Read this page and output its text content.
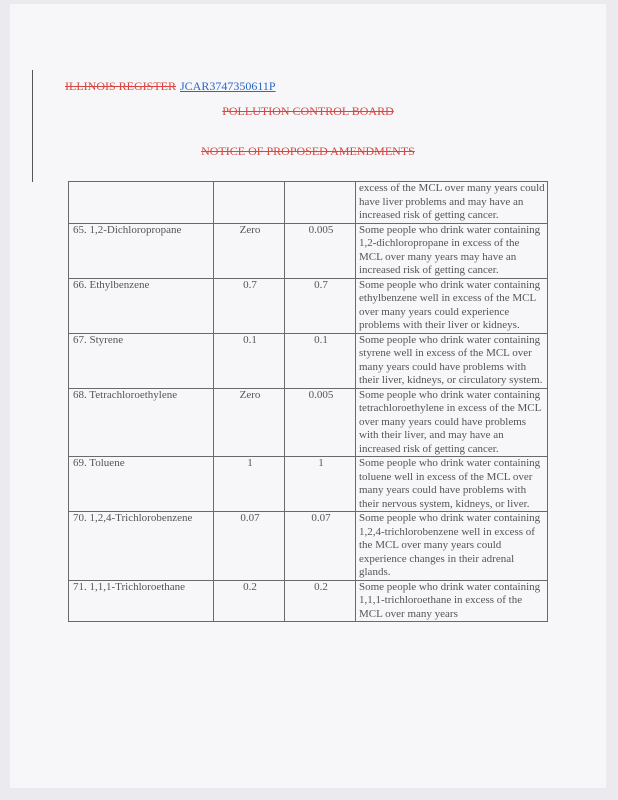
ILLINOIS REGISTER JCAR3747350611P
POLLUTION CONTROL BOARD
NOTICE OF PROPOSED AMENDMENTS
			excess of the MCL over many years could have liver problems and may have an increased risk of getting cancer.
65. 1,2-Dichloropropane	Zero	0.005	Some people who drink water containing 1,2-dichloropropane in excess of the MCL over many years may have an increased risk of getting cancer.
66. Ethylbenzene	0.7	0.7	Some people who drink water containing ethylbenzene well in excess of the MCL over many years could experience problems with their liver or kidneys.
67. Styrene	0.1	0.1	Some people who drink water containing styrene well in excess of the MCL over many years could have problems with their liver, kidneys, or circulatory system.
68. Tetrachloroethylene	Zero	0.005	Some people who drink water containing tetrachloroethylene in excess of the MCL over many years could have problems with their liver, and may have an increased risk of getting cancer.
69. Toluene	1	1	Some people who drink water containing toluene well in excess of the MCL over many years could have problems with their nervous system, kidneys, or liver.
70. 1,2,4-Trichlorobenzene	0.07	0.07	Some people who drink water containing 1,2,4-trichlorobenzene well in excess of the MCL over many years could experience changes in their adrenal glands.
71. 1,1,1-Trichloroethane	0.2	0.2	Some people who drink water containing 1,1,1-trichloroethane in excess of the MCL over many years
